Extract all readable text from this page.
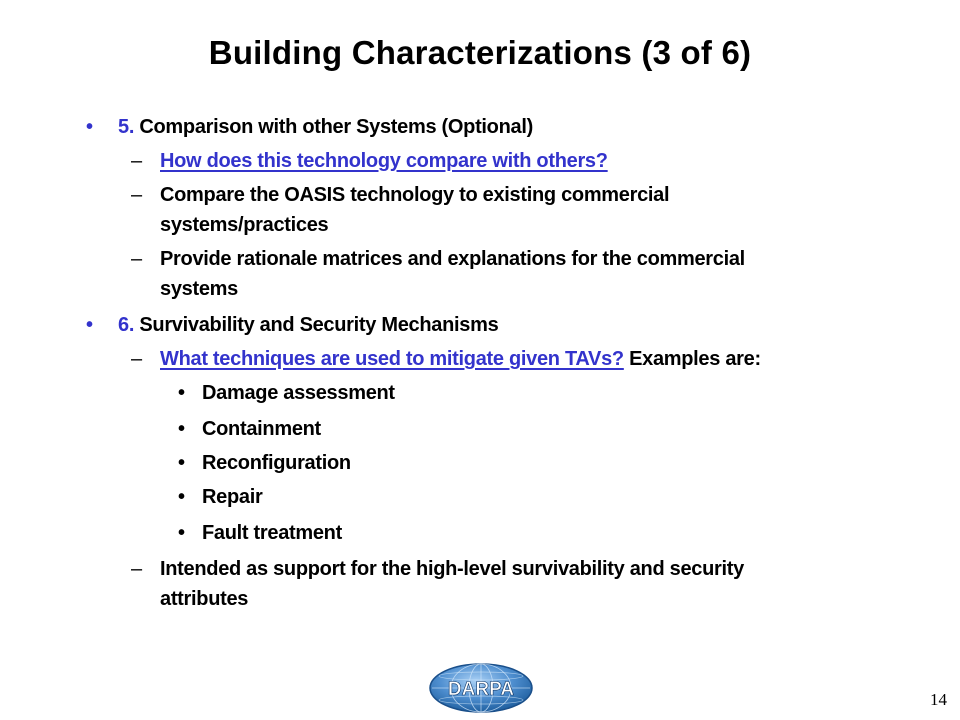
Building Characterizations (3 of 6)
• 5. Comparison with other Systems (Optional)
– How does this technology compare with others?
– Compare the OASIS technology to existing commercial
systems/practices
– Provide rationale matrices and explanations for the commercial
systems
• 6. Survivability and Security Mechanisms
– What techniques are used to mitigate given TAVs? Examples are:
• Damage assessment
• Containment
• Reconfiguration
• Repair
• Fault treatment
– Intended as support for the high-level survivability and security
attributes
DARPA	14
